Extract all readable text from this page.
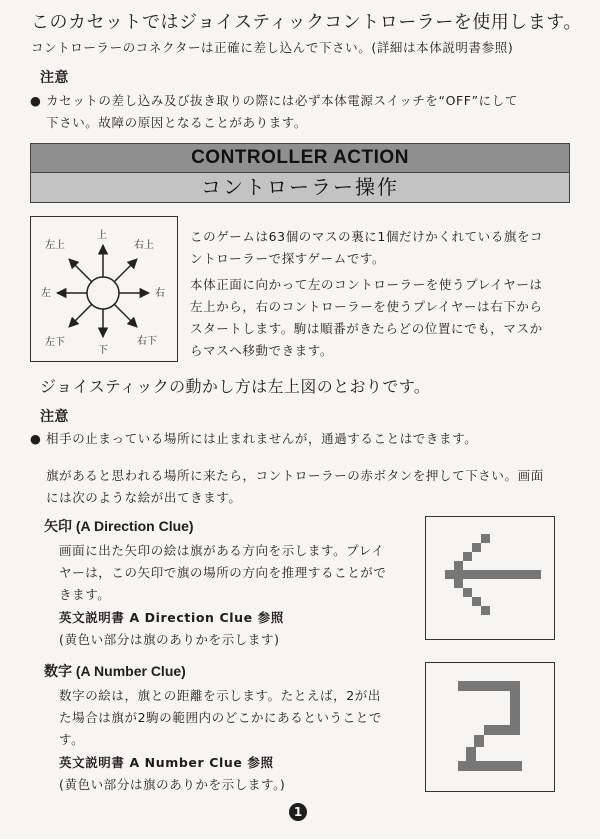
このカセットではジョイスティックコントローラーを使用します。
コントローラーのコネクターは正確に差し込んで下さい。(詳細は本体説明書参照)
注意
● カセットの差し込み及び抜き取りの際には必ず本体電源スイッチを“OFF”にして
下さい。故障の原因となることがあります。
CONTROLLER ACTION
コントローラー操作
左上
上
右上
左	右
左下
下
右下
このゲームは63個のマスの裏に1個だけかくれている旗をコ
ントローラーで探すゲームです。
本体正面に向かって左のコントローラーを使うプレイヤーは
左上から，右のコントローラーを使うプレイヤーは右下から
スタートします。駒は順番がきたらどの位置にでも，マスか
らマスへ移動できます。
ジョイスティックの動かし方は左上図のとおりです。
注意
● 相手の止まっている場所には止まれませんが，通過することはできます。
旗があると思われる場所に来たら，コントローラーの赤ボタンを押して下さい。画面
には次のような絵が出てきます。
矢印 (A Direction Clue)
画面に出た矢印の絵は旗がある方向を示します。プレイ
ヤーは，この矢印で旗の場所の方向を推理することがで
きます。
英文説明書 A Direction Clue 参照
(黄色い部分は旗のありかを示します)
数字 (A Number Clue)
数字の絵は，旗との距離を示します。たとえば，2が出
た場合は旗が2駒の範囲内のどこかにあるということで
す。
英文説明書 A Number Clue 参照
(黄色い部分は旗のありかを示します。)
1
